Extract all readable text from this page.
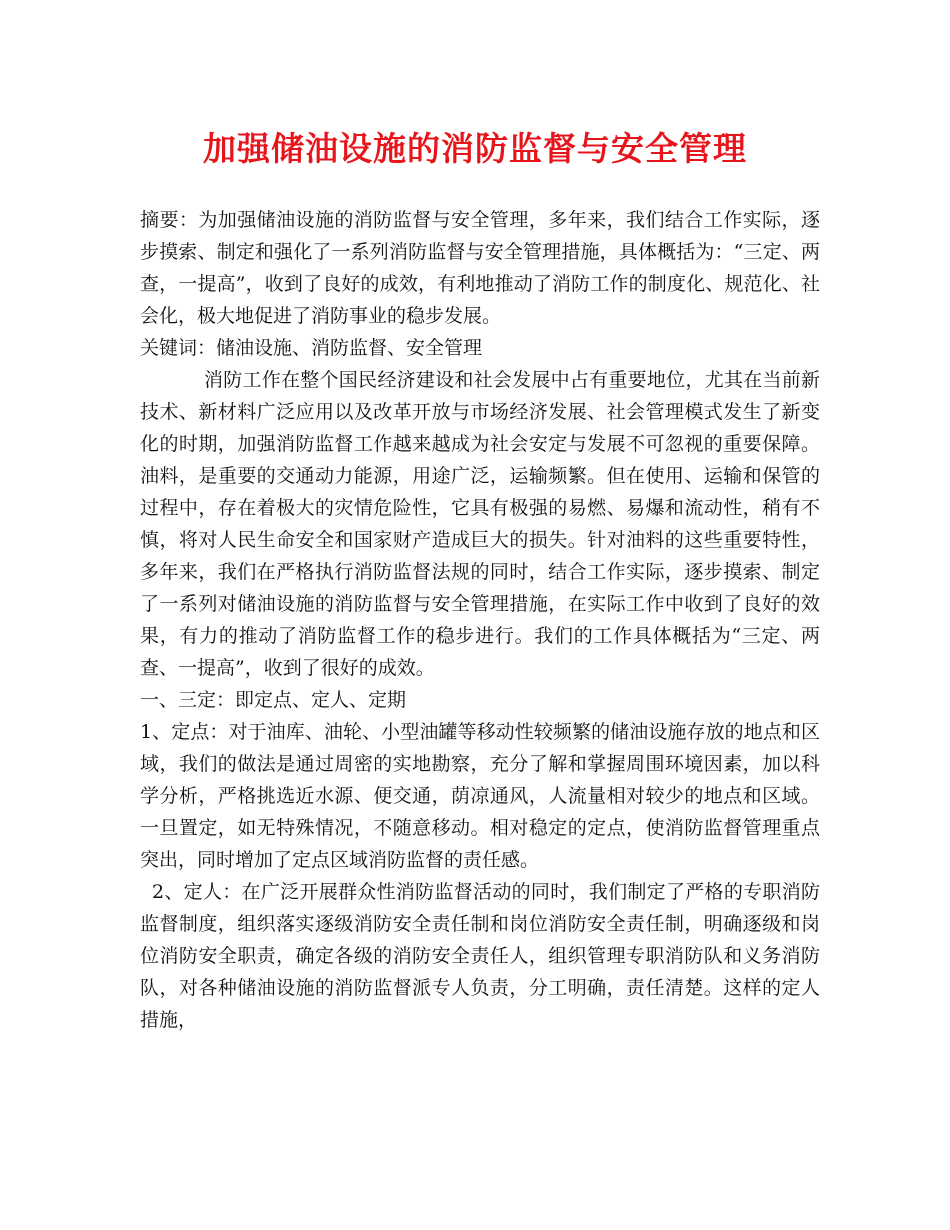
加强储油设施的消防监督与安全管理

摘要：为加强储油设施的消防监督与安全管理，多年来，我们结合工作实际，逐步摸索、制定和强化了一系列消防监督与安全管理措施，具体概括为：“三定、两查，一提高”，收到了良好的成效，有利地推动了消防工作的制度化、规范化、社会化，极大地促进了消防事业的稳步发展。

关键词：储油设施、消防监督、安全管理

消防工作在整个国民经济建设和社会发展中占有重要地位，尤其在当前新技术、新材料广泛应用以及改革开放与市场经济发展、社会管理模式发生了新变化的时期，加强消防监督工作越来越成为社会安定与发展不可忽视的重要保障。油料，是重要的交通动力能源，用途广泛，运输频繁。但在使用、运输和保管的过程中，存在着极大的灾情危险性，它具有极强的易燃、易爆和流动性，稍有不慎，将对人民生命安全和国家财产造成巨大的损失。针对油料的这些重要特性，多年来，我们在严格执行消防监督法规的同时，结合工作实际，逐步摸索、制定了一系列对储油设施的消防监督与安全管理措施，在实际工作中收到了良好的效果，有力的推动了消防监督工作的稳步进行。我们的工作具体概括为“三定、两查、一提高”，收到了很好的成效。

一、三定：即定点、定人、定期

1、定点：对于油库、油轮、小型油罐等移动性较频繁的储油设施存放的地点和区域，我们的做法是通过周密的实地勘察，充分了解和掌握周围环境因素，加以科学分析，严格挑选近水源、便交通，荫凉通风，人流量相对较少的地点和区域。一旦置定，如无特殊情况，不随意移动。相对稳定的定点，使消防监督管理重点突出，同时增加了定点区域消防监督的责任感。

2、定人：在广泛开展群众性消防监督活动的同时，我们制定了严格的专职消防监督制度，组织落实逐级消防安全责任制和岗位消防安全责任制，明确逐级和岗位消防安全职责，确定各级的消防安全责任人，组织管理专职消防队和义务消防队，对各种储油设施的消防监督派专人负责，分工明确，责任清楚。这样的定人措施，
